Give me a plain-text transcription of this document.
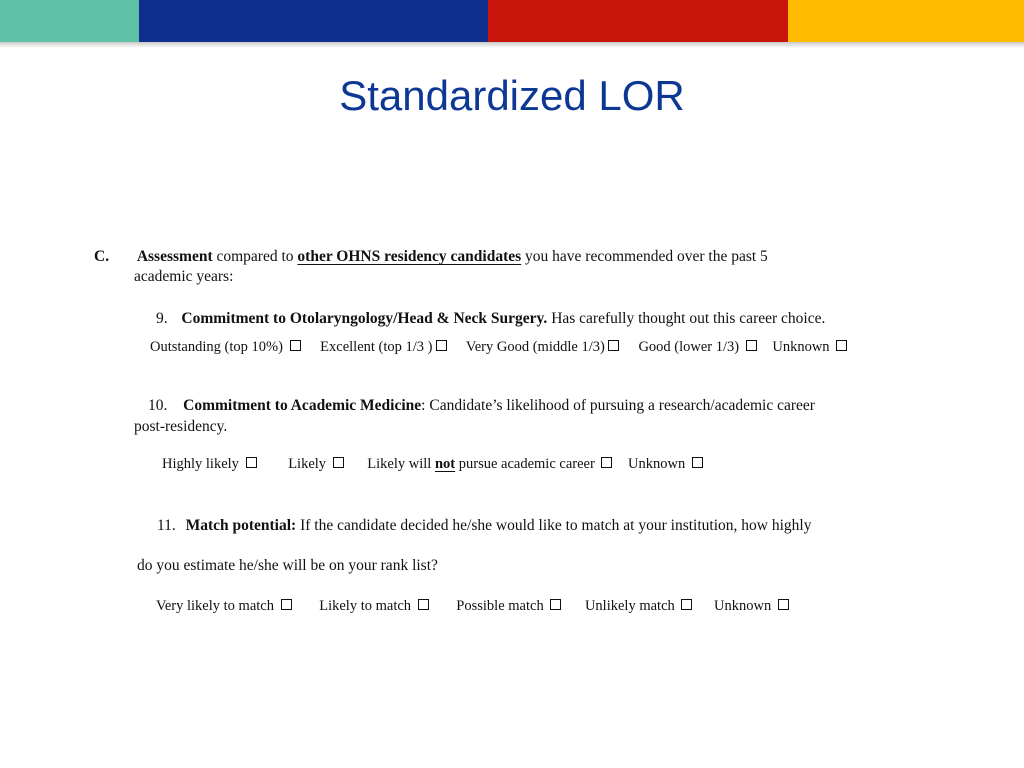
Standardized LOR
C. Assessment compared to other OHNS residency candidates you have recommended over the past 5
academic years:
9. Commitment to Otolaryngology/Head & Neck Surgery. Has carefully thought out this career choice.
Outstanding (top 10%)	Excellent (top 1/3 ) Very Good (middle 1/3) Good (lower 1/3) Unknown
10. Commitment to Academic Medicine: Candidate’s likelihood of pursuing a research/academic career
post-residency.
Highly likely	Likely	Likely will not pursue academic career Unknown
11. Match potential: If the candidate decided he/she would like to match at your institution, how highly
do you estimate he/she will be on your rank list?
Very likely to match	Likely to match	Possible match	Unlikely match	Unknown
